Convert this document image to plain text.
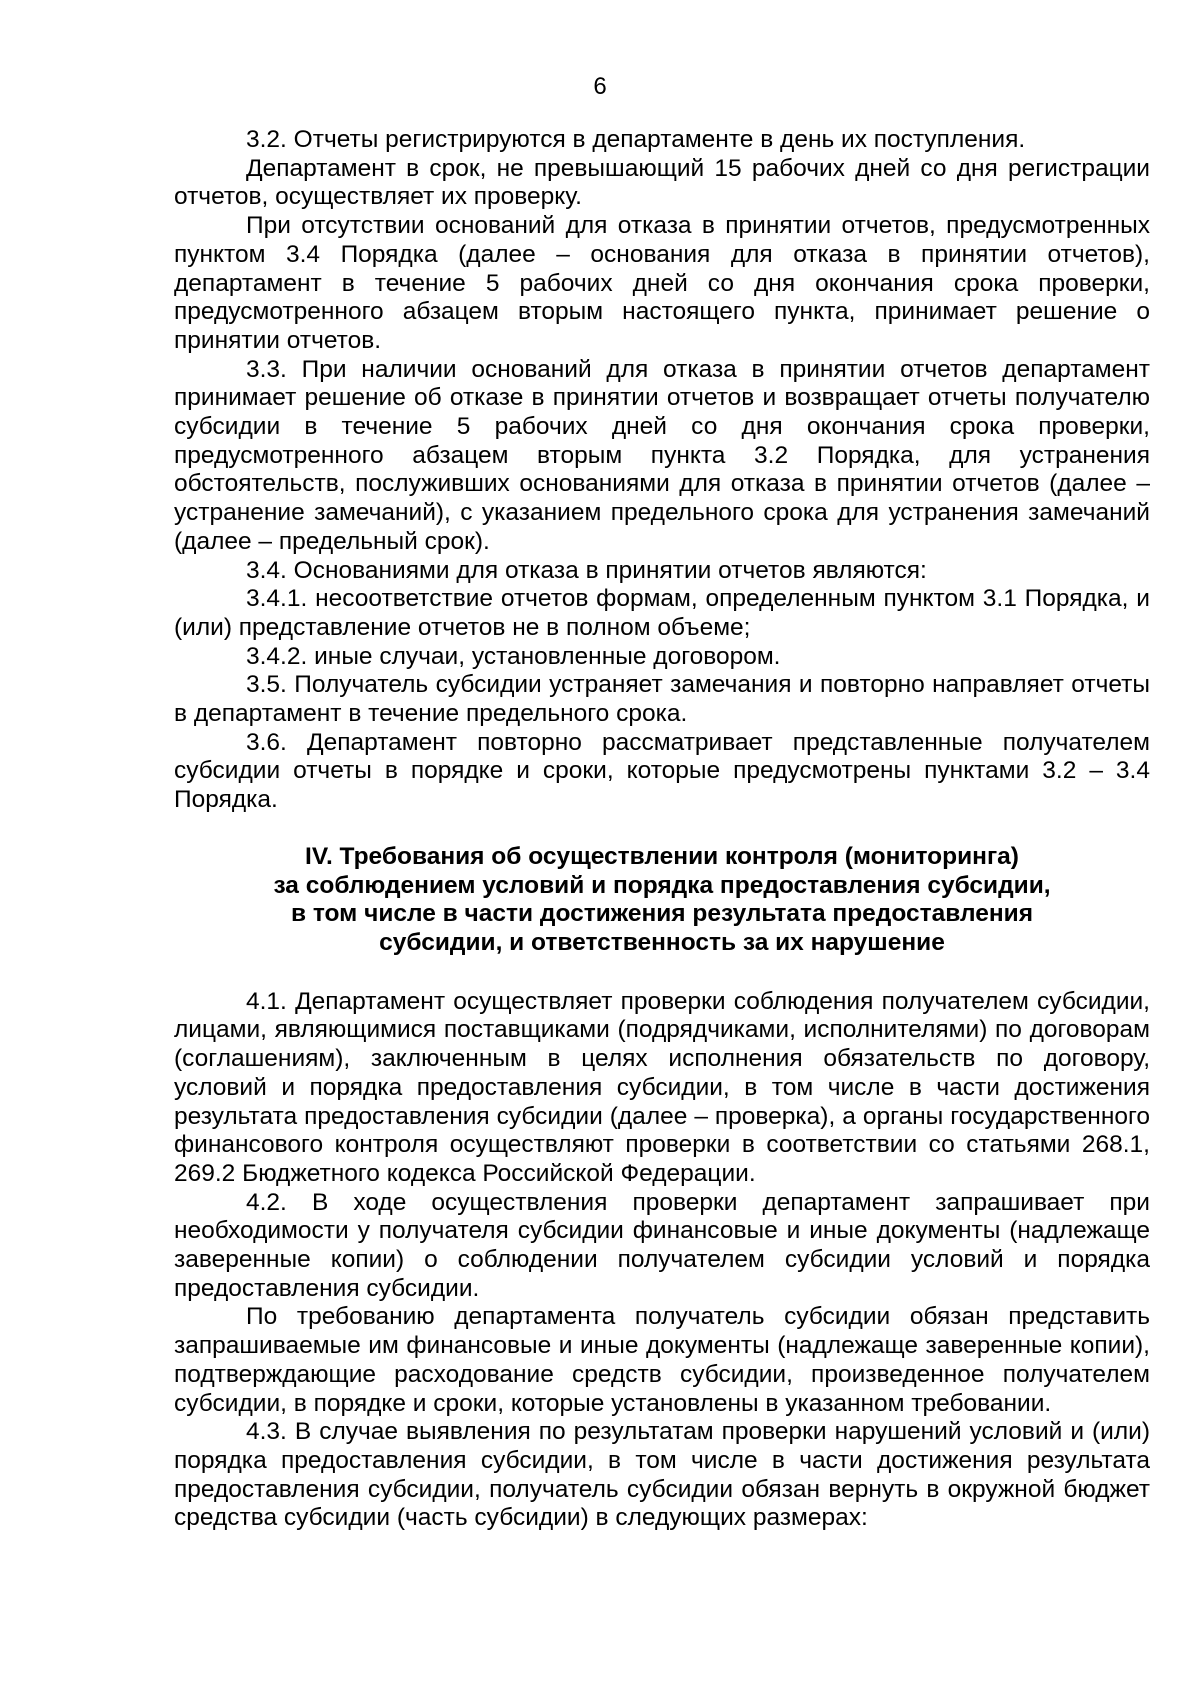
6

3.2. Отчеты регистрируются в департаменте в день их поступления.

Департамент в срок, не превышающий 15 рабочих дней со дня регистрации отчетов, осуществляет их проверку.

При отсутствии оснований для отказа в принятии отчетов, предусмотренных пунктом 3.4 Порядка (далее – основания для отказа в принятии отчетов), департамент в течение 5 рабочих дней со дня окончания срока проверки, предусмотренного абзацем вторым настоящего пункта, принимает решение о принятии отчетов.

3.3. При наличии оснований для отказа в принятии отчетов департамент принимает решение об отказе в принятии отчетов и возвращает отчеты получателю субсидии в течение 5 рабочих дней со дня окончания срока проверки, предусмотренного абзацем вторым пункта 3.2 Порядка, для устранения обстоятельств, послуживших основаниями для отказа в принятии отчетов (далее – устранение замечаний), с указанием предельного срока для устранения замечаний (далее – предельный срок).

3.4. Основаниями для отказа в принятии отчетов являются:

3.4.1. несоответствие отчетов формам, определенным пунктом 3.1 Порядка, и (или) представление отчетов не в полном объеме;

3.4.2. иные случаи, установленные договором.

3.5. Получатель субсидии устраняет замечания и повторно направляет отчеты в департамент в течение предельного срока.

3.6. Департамент повторно рассматривает представленные получателем субсидии отчеты в порядке и сроки, которые предусмотрены пунктами 3.2 – 3.4 Порядка.

IV. Требования об осуществлении контроля (мониторинга)
за соблюдением условий и порядка предоставления субсидии,
в том числе в части достижения результата предоставления
субсидии, и ответственность за их нарушение

4.1. Департамент осуществляет проверки соблюдения получателем субсидии, лицами, являющимися поставщиками (подрядчиками, исполнителями) по договорам (соглашениям), заключенным в целях исполнения обязательств по договору, условий и порядка предоставления субсидии, в том числе в части достижения результата предоставления субсидии (далее – проверка), а органы государственного финансового контроля осуществляют проверки в соответствии со статьями 268.1, 269.2 Бюджетного кодекса Российской Федерации.

4.2. В ходе осуществления проверки департамент запрашивает при необходимости у получателя субсидии финансовые и иные документы (надлежаще заверенные копии) о соблюдении получателем субсидии условий и порядка предоставления субсидии.

По требованию департамента получатель субсидии обязан представить запрашиваемые им финансовые и иные документы (надлежаще заверенные копии), подтверждающие расходование средств субсидии, произведенное получателем субсидии, в порядке и сроки, которые установлены в указанном требовании.

4.3. В случае выявления по результатам проверки нарушений условий и (или) порядка предоставления субсидии, в том числе в части достижения результата предоставления субсидии, получатель субсидии обязан вернуть в окружной бюджет средства субсидии (часть субсидии) в следующих размерах:
